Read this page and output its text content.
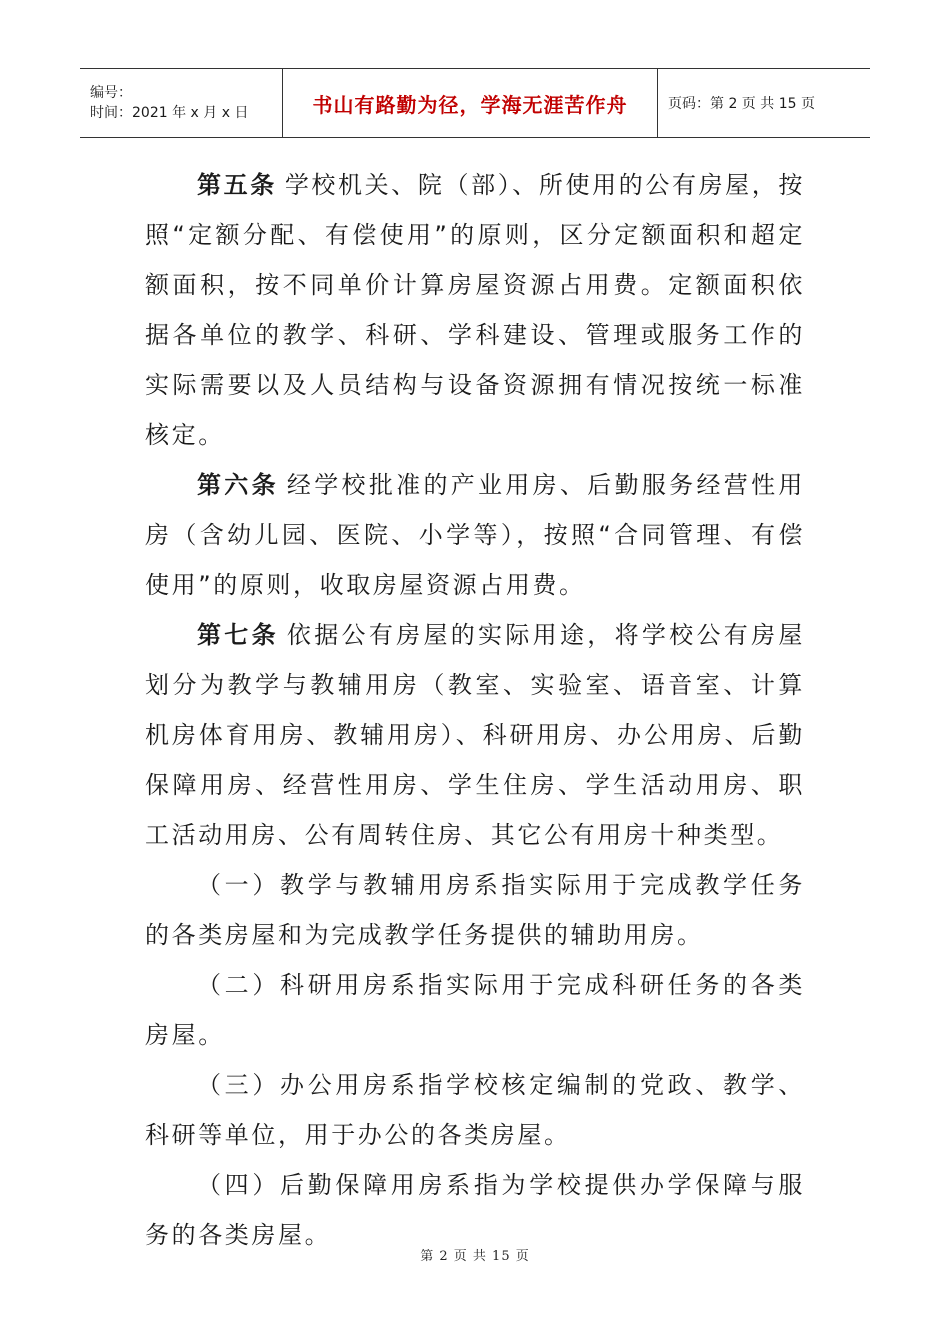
编号：
时间：2021 年 x 月 x 日	书山有路勤为径，学海无涯苦作舟	页码：第 2 页 共 15 页

第五条 学校机关、院（部）、所使用的公有房屋，按照“定额分配、有偿使用”的原则，区分定额面积和超定额面积，按不同单价计算房屋资源占用费。定额面积依据各单位的教学、科研、学科建设、管理或服务工作的实际需要以及人员结构与设备资源拥有情况按统一标准核定。

第六条 经学校批准的产业用房、后勤服务经营性用房（含幼儿园、医院、小学等），按照“合同管理、有偿使用”的原则，收取房屋资源占用费。

第七条 依据公有房屋的实际用途，将学校公有房屋划分为教学与教辅用房（教室、实验室、语音室、计算机房体育用房、教辅用房）、科研用房、办公用房、后勤保障用房、经营性用房、学生住房、学生活动用房、职工活动用房、公有周转住房、其它公有用房十种类型。

（一）教学与教辅用房系指实际用于完成教学任务的各类房屋和为完成教学任务提供的辅助用房。

（二）科研用房系指实际用于完成科研任务的各类房屋。

（三）办公用房系指学校核定编制的党政、教学、科研等单位，用于办公的各类房屋。

（四）后勤保障用房系指为学校提供办学保障与服务的各类房屋。

第 2 页 共 15 页
